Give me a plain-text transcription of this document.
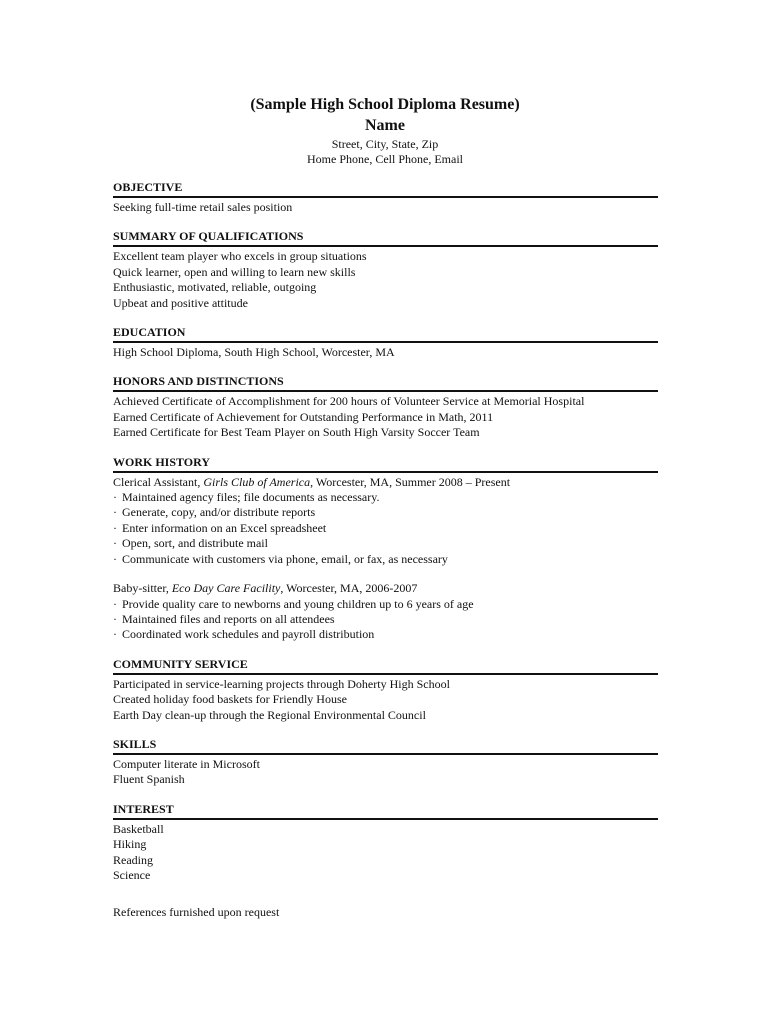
(Sample High School Diploma Resume)
Name
Street, City, State, Zip
Home Phone, Cell Phone, Email
OBJECTIVE
Seeking full-time retail sales position
SUMMARY OF QUALIFICATIONS
Excellent team player who excels in group situations
Quick learner, open and willing to learn new skills
Enthusiastic, motivated, reliable, outgoing
Upbeat and positive attitude
EDUCATION
High School Diploma, South High School, Worcester, MA
HONORS AND DISTINCTIONS
Achieved Certificate of Accomplishment for 200 hours of Volunteer Service at Memorial Hospital
Earned Certificate of Achievement for Outstanding Performance in Math, 2011
Earned Certificate for Best Team Player on South High Varsity Soccer Team
WORK HISTORY
Clerical Assistant, Girls Club of America, Worcester, MA, Summer 2008 – Present
· Maintained agency files; file documents as necessary.
· Generate, copy, and/or distribute reports
· Enter information on an Excel spreadsheet
· Open, sort, and distribute mail
· Communicate with customers via phone, email, or fax, as necessary
Baby-sitter, Eco Day Care Facility, Worcester, MA, 2006-2007
· Provide quality care to newborns and young children up to 6 years of age
· Maintained files and reports on all attendees
· Coordinated work schedules and payroll distribution
COMMUNITY SERVICE
Participated in service-learning projects through Doherty High School
Created holiday food baskets for Friendly House
Earth Day clean-up through the Regional Environmental Council
SKILLS
Computer literate in Microsoft
Fluent Spanish
INTEREST
Basketball
Hiking
Reading
Science
References furnished upon request
